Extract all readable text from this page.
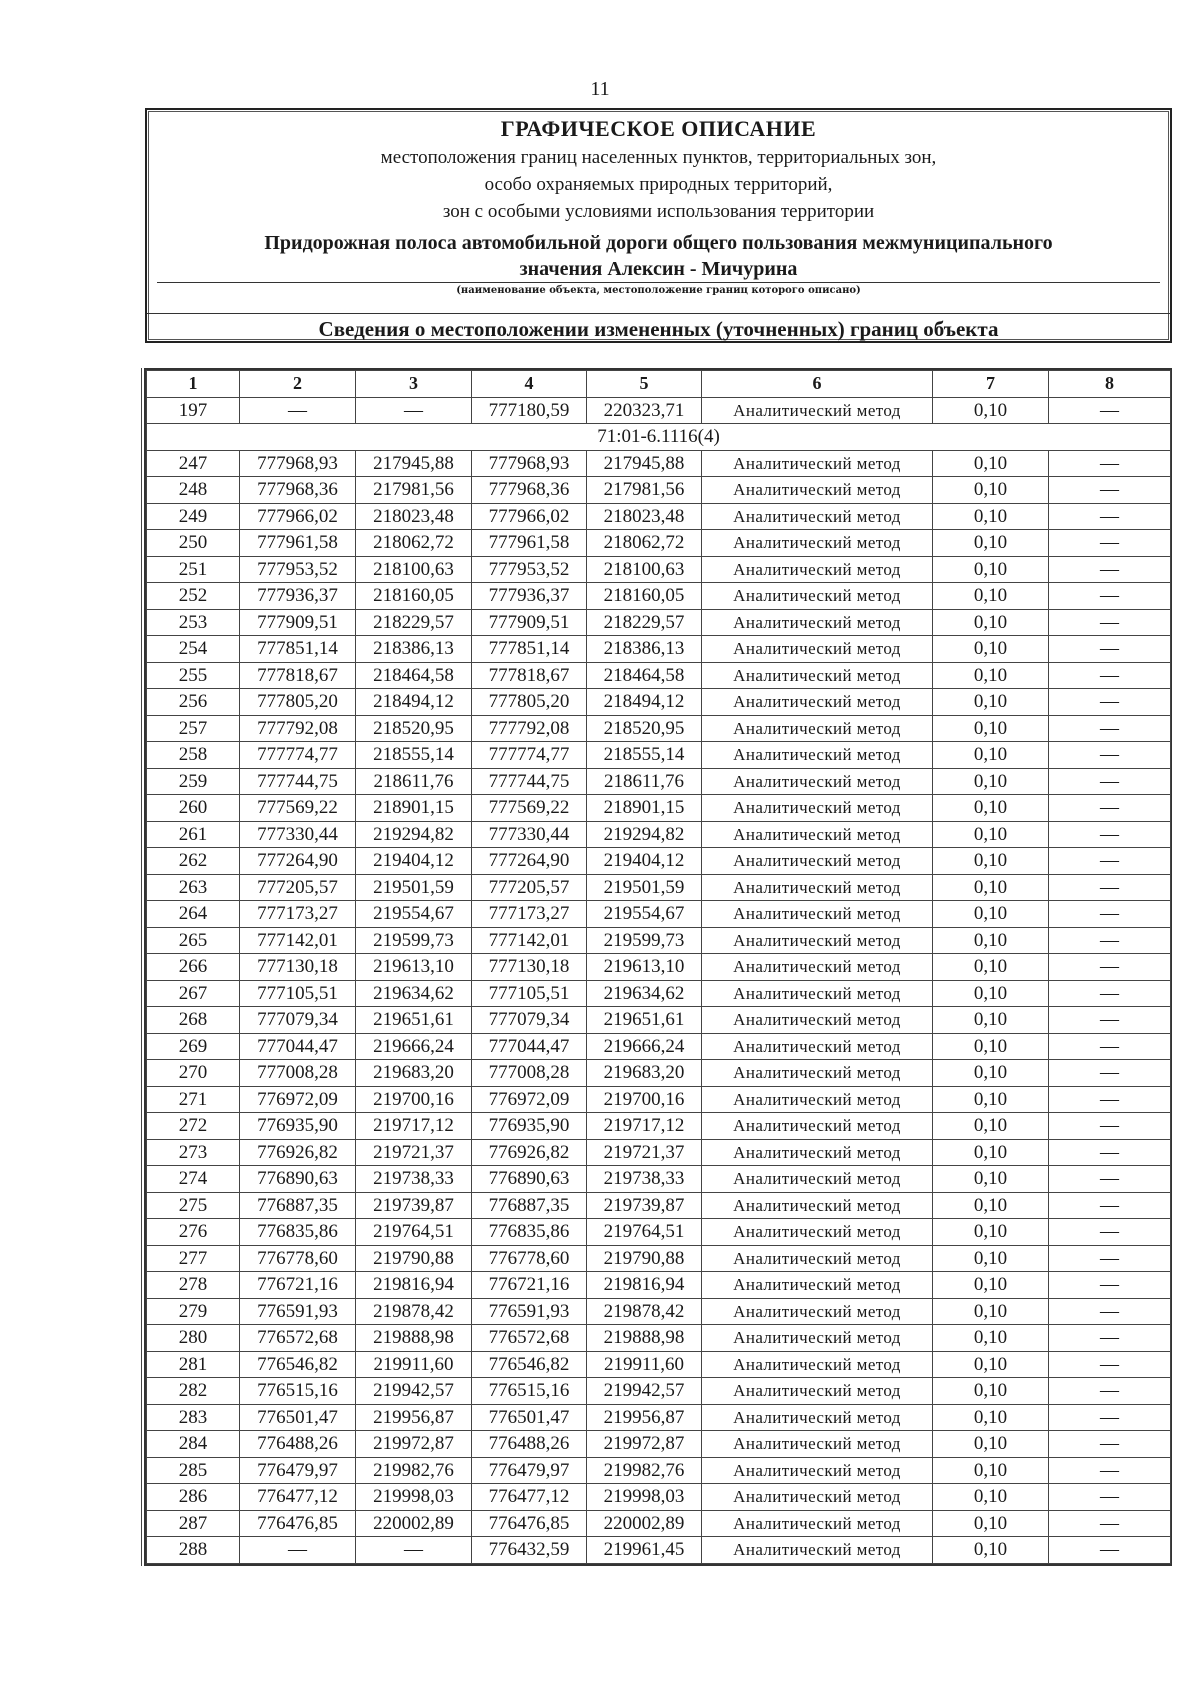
11
ГРАФИЧЕСКОЕ ОПИСАНИЕ
местоположения границ населенных пунктов, территориальных зон,
особо охраняемых природных территорий,
зон с особыми условиями использования территории
Придорожная полоса автомобильной дороги общего пользования межмуниципального
значения Алексин - Мичурина
(наименование объекта, местоположение границ которого описано)
Сведения о местоположении измененных (уточненных) границ объекта
1	2	3	4	5	6	7	8
197	—	—	777180,59	220323,71	Аналитический метод	0,10	—
71:01-6.1116(4)							
247	777968,93	217945,88	777968,93	217945,88	Аналитический метод	0,10	—
248	777968,36	217981,56	777968,36	217981,56	Аналитический метод	0,10	—
249	777966,02	218023,48	777966,02	218023,48	Аналитический метод	0,10	—
250	777961,58	218062,72	777961,58	218062,72	Аналитический метод	0,10	—
251	777953,52	218100,63	777953,52	218100,63	Аналитический метод	0,10	—
252	777936,37	218160,05	777936,37	218160,05	Аналитический метод	0,10	—
253	777909,51	218229,57	777909,51	218229,57	Аналитический метод	0,10	—
254	777851,14	218386,13	777851,14	218386,13	Аналитический метод	0,10	—
255	777818,67	218464,58	777818,67	218464,58	Аналитический метод	0,10	—
256	777805,20	218494,12	777805,20	218494,12	Аналитический метод	0,10	—
257	777792,08	218520,95	777792,08	218520,95	Аналитический метод	0,10	—
258	777774,77	218555,14	777774,77	218555,14	Аналитический метод	0,10	—
259	777744,75	218611,76	777744,75	218611,76	Аналитический метод	0,10	—
260	777569,22	218901,15	777569,22	218901,15	Аналитический метод	0,10	—
261	777330,44	219294,82	777330,44	219294,82	Аналитический метод	0,10	—
262	777264,90	219404,12	777264,90	219404,12	Аналитический метод	0,10	—
263	777205,57	219501,59	777205,57	219501,59	Аналитический метод	0,10	—
264	777173,27	219554,67	777173,27	219554,67	Аналитический метод	0,10	—
265	777142,01	219599,73	777142,01	219599,73	Аналитический метод	0,10	—
266	777130,18	219613,10	777130,18	219613,10	Аналитический метод	0,10	—
267	777105,51	219634,62	777105,51	219634,62	Аналитический метод	0,10	—
268	777079,34	219651,61	777079,34	219651,61	Аналитический метод	0,10	—
269	777044,47	219666,24	777044,47	219666,24	Аналитический метод	0,10	—
270	777008,28	219683,20	777008,28	219683,20	Аналитический метод	0,10	—
271	776972,09	219700,16	776972,09	219700,16	Аналитический метод	0,10	—
272	776935,90	219717,12	776935,90	219717,12	Аналитический метод	0,10	—
273	776926,82	219721,37	776926,82	219721,37	Аналитический метод	0,10	—
274	776890,63	219738,33	776890,63	219738,33	Аналитический метод	0,10	—
275	776887,35	219739,87	776887,35	219739,87	Аналитический метод	0,10	—
276	776835,86	219764,51	776835,86	219764,51	Аналитический метод	0,10	—
277	776778,60	219790,88	776778,60	219790,88	Аналитический метод	0,10	—
278	776721,16	219816,94	776721,16	219816,94	Аналитический метод	0,10	—
279	776591,93	219878,42	776591,93	219878,42	Аналитический метод	0,10	—
280	776572,68	219888,98	776572,68	219888,98	Аналитический метод	0,10	—
281	776546,82	219911,60	776546,82	219911,60	Аналитический метод	0,10	—
282	776515,16	219942,57	776515,16	219942,57	Аналитический метод	0,10	—
283	776501,47	219956,87	776501,47	219956,87	Аналитический метод	0,10	—
284	776488,26	219972,87	776488,26	219972,87	Аналитический метод	0,10	—
285	776479,97	219982,76	776479,97	219982,76	Аналитический метод	0,10	—
286	776477,12	219998,03	776477,12	219998,03	Аналитический метод	0,10	—
287	776476,85	220002,89	776476,85	220002,89	Аналитический метод	0,10	—
288	—	—	776432,59	219961,45	Аналитический метод	0,10	—
